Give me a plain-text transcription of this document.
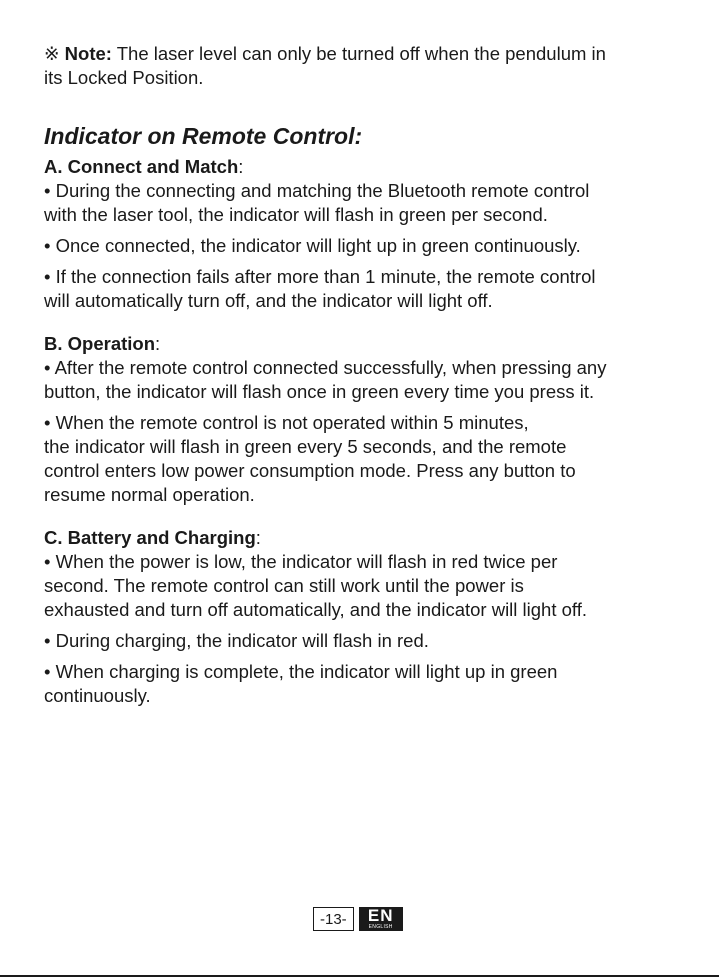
※ Note: The laser level can only be turned off when the pendulum in
its Locked Position.

Indicator on Remote Control:

A. Connect and Match:

• During the connecting and matching the Bluetooth remote control
with the laser tool, the indicator will flash in green per second.

• Once connected, the indicator will light up in green continuously.

• If the connection fails after more than 1 minute, the remote control
will automatically turn off, and the indicator will light off.

B. Operation:

• After the remote control connected successfully, when pressing any
button, the indicator will flash once in green every time you press it.

• When the remote control is not operated within 5 minutes,
the indicator will flash in green every 5 seconds, and the remote
control enters low power consumption mode. Press any button to
resume normal operation.

C. Battery and Charging:

• When the power is low, the indicator will flash in red twice per
second. The remote control can still work until the power is
exhausted and turn off automatically, and the indicator will light off.

• During charging, the indicator will flash in red.

• When charging is complete, the indicator will light up in green
continuously.

-13-	EN
ENGLISH
